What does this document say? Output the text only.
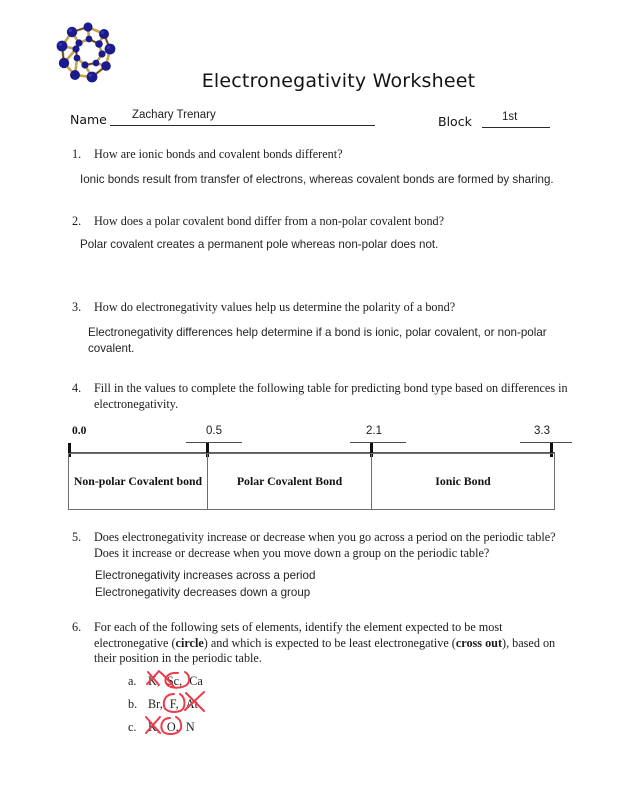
Electronegativity Worksheet
Name Zachary Trenary	Block	1st
1.	How are ionic bonds and covalent bonds different?
Ionic bonds result from transfer of electrons, whereas covalent bonds are formed by sharing.
2.	How does a polar covalent bond differ from a non-polar covalent bond?
Polar covalent creates a permanent pole whereas non-polar does not.
3.	How do electronegativity values help us determine the polarity of a bond?
Electronegativity differences help determine if a bond is ionic, polar covalent, or non-polar covalent.
4.	Fill in the values to complete the following table for predicting bond type based on differences in electronegativity.
0.0	0.5	2.1	3.3
Non-polar Covalent bond	Polar Covalent Bond	Ionic Bond
5.	Does electronegativity increase or decrease when you go across a period on the periodic table? Does it increase or decrease when you move down a group on the periodic table?
Electronegativity increases across a period
Electronegativity decreases down a group
6.	For each of the following sets of elements, identify the element expected to be most electronegative (circle) and which is expected to be least electronegative (cross out), based on their position in the periodic table.
a. K, Sc, Ca
b. Br, F, At
c. K, O, N
